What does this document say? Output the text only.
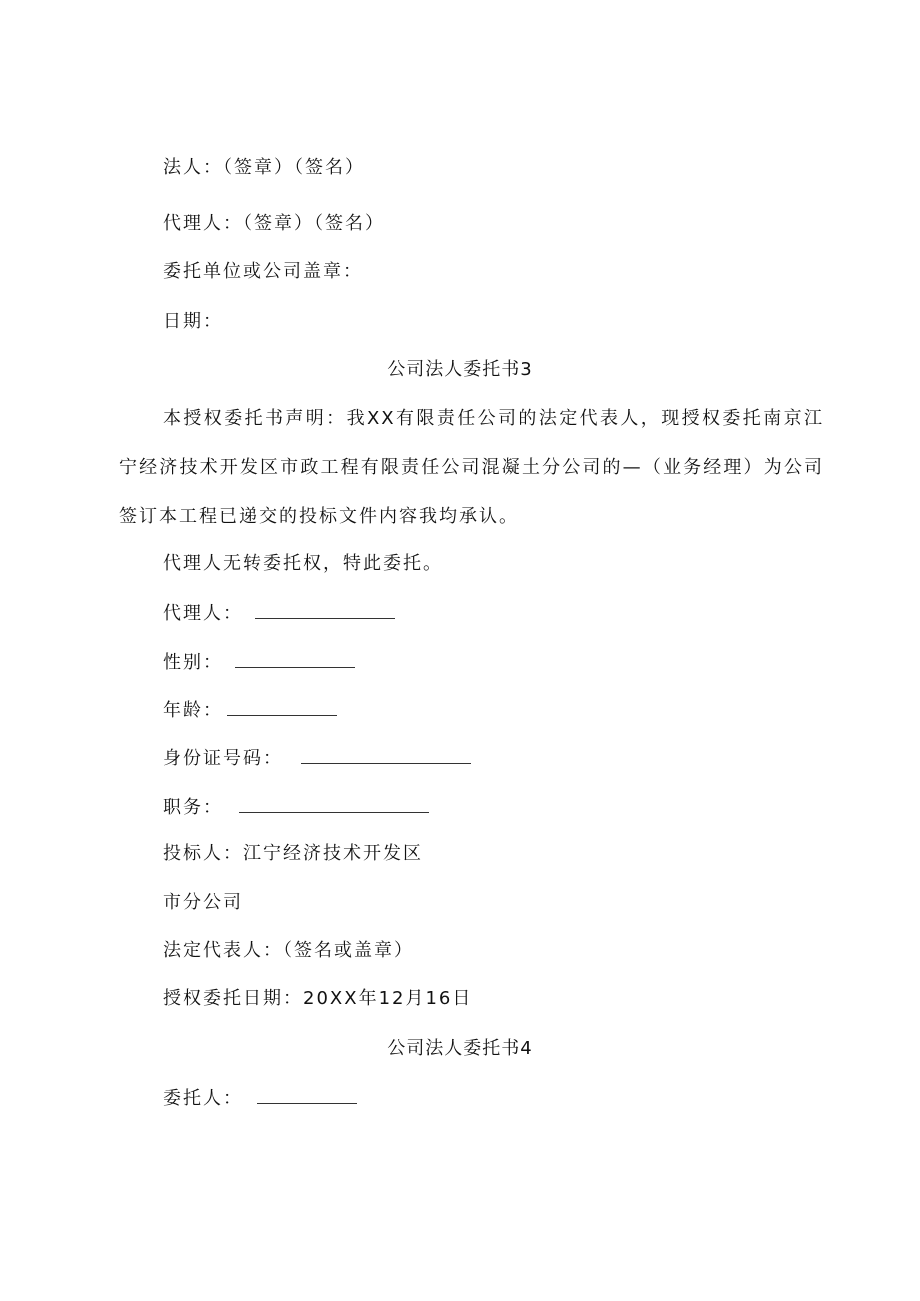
法人：（签章）（签名）
代理人：（签章）（签名）
委托单位或公司盖章：
日期：
公司法人委托书3
本授权委托书声明：我XX有限责任公司的法定代表人，现授权委托南京江宁经济技术开发区市政工程有限责任公司混凝土分公司的—（业务经理）为公司签订本工程已递交的投标文件内容我均承认。
代理人无转委托权，特此委托。
代理人：
性别：
年龄：
身份证号码：
职务：
投标人：江宁经济技术开发区
市分公司
法定代表人：（签名或盖章）
授权委托日期：20XX年12月16日
公司法人委托书4
委托人：
